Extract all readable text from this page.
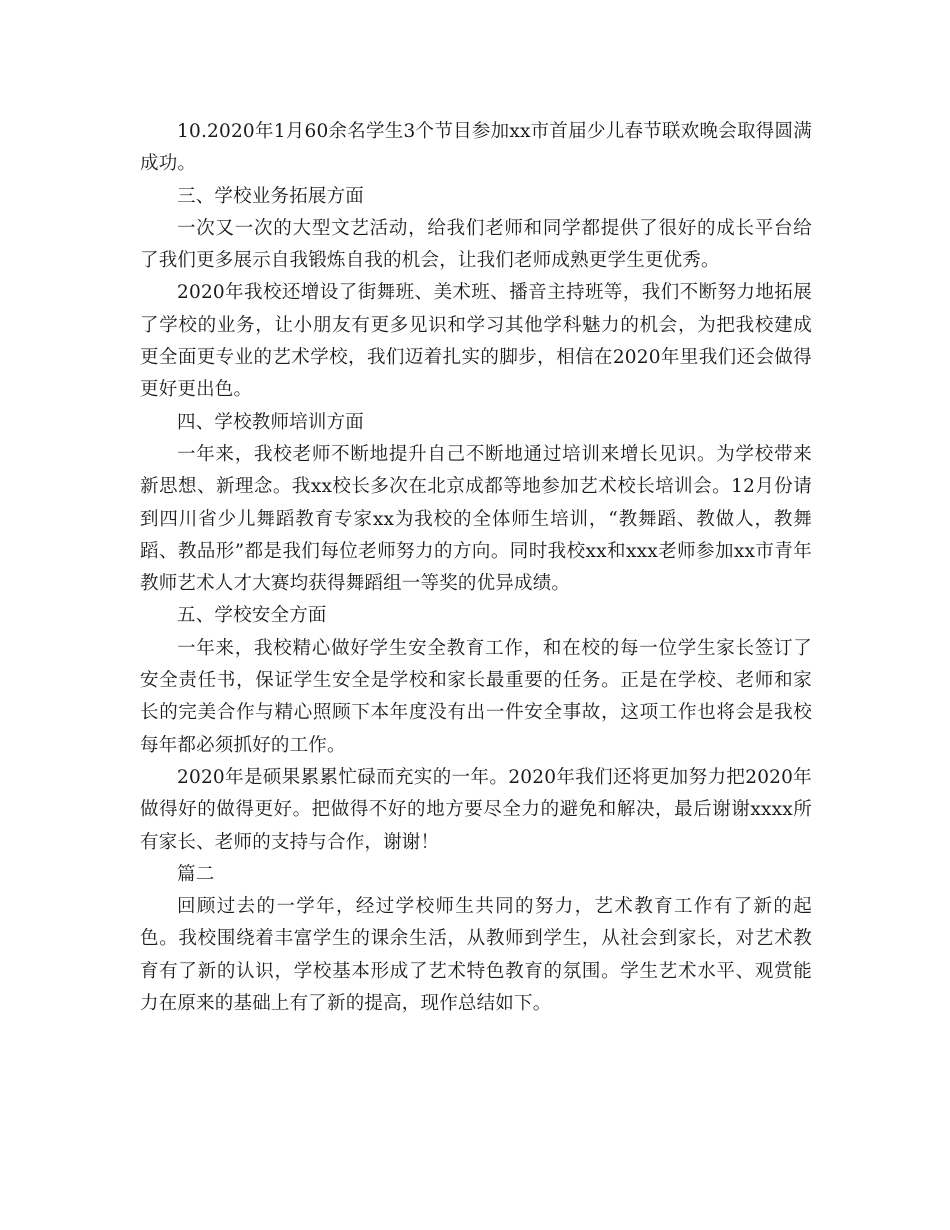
10.2020年1月60余名学生3个节目参加xx市首届少儿春节联欢晚会取得圆满成功。

三、学校业务拓展方面

一次又一次的大型文艺活动，给我们老师和同学都提供了很好的成长平台给了我们更多展示自我锻炼自我的机会，让我们老师成熟更学生更优秀。

2020年我校还增设了街舞班、美术班、播音主持班等，我们不断努力地拓展了学校的业务，让小朋友有更多见识和学习其他学科魅力的机会，为把我校建成更全面更专业的艺术学校，我们迈着扎实的脚步，相信在2020年里我们还会做得更好更出色。

四、学校教师培训方面

一年来，我校老师不断地提升自己不断地通过培训来增长见识。为学校带来新思想、新理念。我xx校长多次在北京成都等地参加艺术校长培训会。12月份请到四川省少儿舞蹈教育专家xx为我校的全体师生培训，“教舞蹈、教做人，教舞蹈、教品形”都是我们每位老师努力的方向。同时我校xx和xxx老师参加xx市青年教师艺术人才大赛均获得舞蹈组一等奖的优异成绩。

五、学校安全方面

一年来，我校精心做好学生安全教育工作，和在校的每一位学生家长签订了安全责任书，保证学生安全是学校和家长最重要的任务。正是在学校、老师和家长的完美合作与精心照顾下本年度没有出一件安全事故，这项工作也将会是我校每年都必须抓好的工作。

2020年是硕果累累忙碌而充实的一年。2020年我们还将更加努力把2020年做得好的做得更好。把做得不好的地方要尽全力的避免和解决，最后谢谢xxxx所有家长、老师的支持与合作，谢谢！

篇二

回顾过去的一学年，经过学校师生共同的努力，艺术教育工作有了新的起色。我校围绕着丰富学生的课余生活，从教师到学生，从社会到家长，对艺术教育有了新的认识，学校基本形成了艺术特色教育的氛围。学生艺术水平、观赏能力在原来的基础上有了新的提高，现作总结如下。
